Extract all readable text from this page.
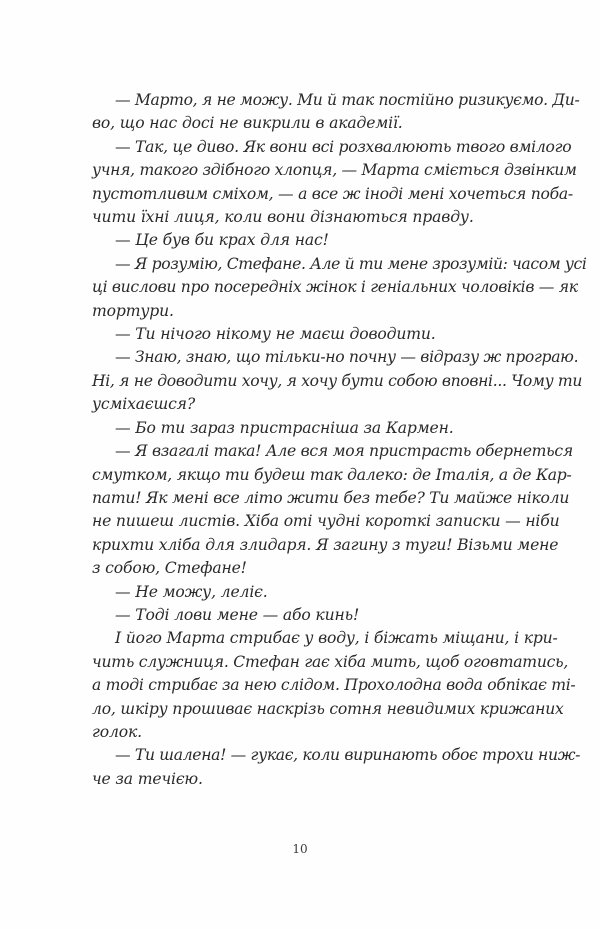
— Марто, я не можу. Ми й так постійно ризикуємо. Ди-
во, що нас досі не викрили в академії.
— Так, це диво. Як вони всі розхвалюють твого вмілого
учня, такого здібного хлопця, — Марта сміється дзвінким
пустотливим сміхом, — а все ж іноді мені хочеться поба-
чити їхні лиця, коли вони дізнаються правду.
— Це був би крах для нас!
— Я розумію, Стефане. Але й ти мене зрозумій: часом усі
ці вислови про посередніх жінок і геніальних чоловіків — як
тортури.
— Ти нічого нікому не маєш доводити.
— Знаю, знаю, що тільки-но почну — відразу ж програю.
Ні, я не доводити хочу, я хочу бути собою вповні... Чому ти
усміхаєшся?
— Бо ти зараз пристрасніша за Кармен.
— Я взагалі така! Але вся моя пристрасть обернеться
смутком, якщо ти будеш так далеко: де Італія, а де Кар-
пати! Як мені все літо жити без тебе? Ти майже ніколи
не пишеш листів. Хіба оті чудні короткі записки — ніби
крихти хліба для злидаря. Я загину з туги! Візьми мене
з собою, Стефане!
— Не можу, леліє.
— Тоді лови мене — або кинь!
І його Марта стрибає у воду, і біжать міщани, і кри-
чить служниця. Стефан гає хіба мить, щоб оговтатись,
а тоді стрибає за нею слідом. Прохолодна вода обпікає ті-
ло, шкіру прошиває наскрізь сотня невидимих крижаних
голок.
— Ти шалена! — гукає, коли виринають обоє трохи ниж-
че за течією.
10
